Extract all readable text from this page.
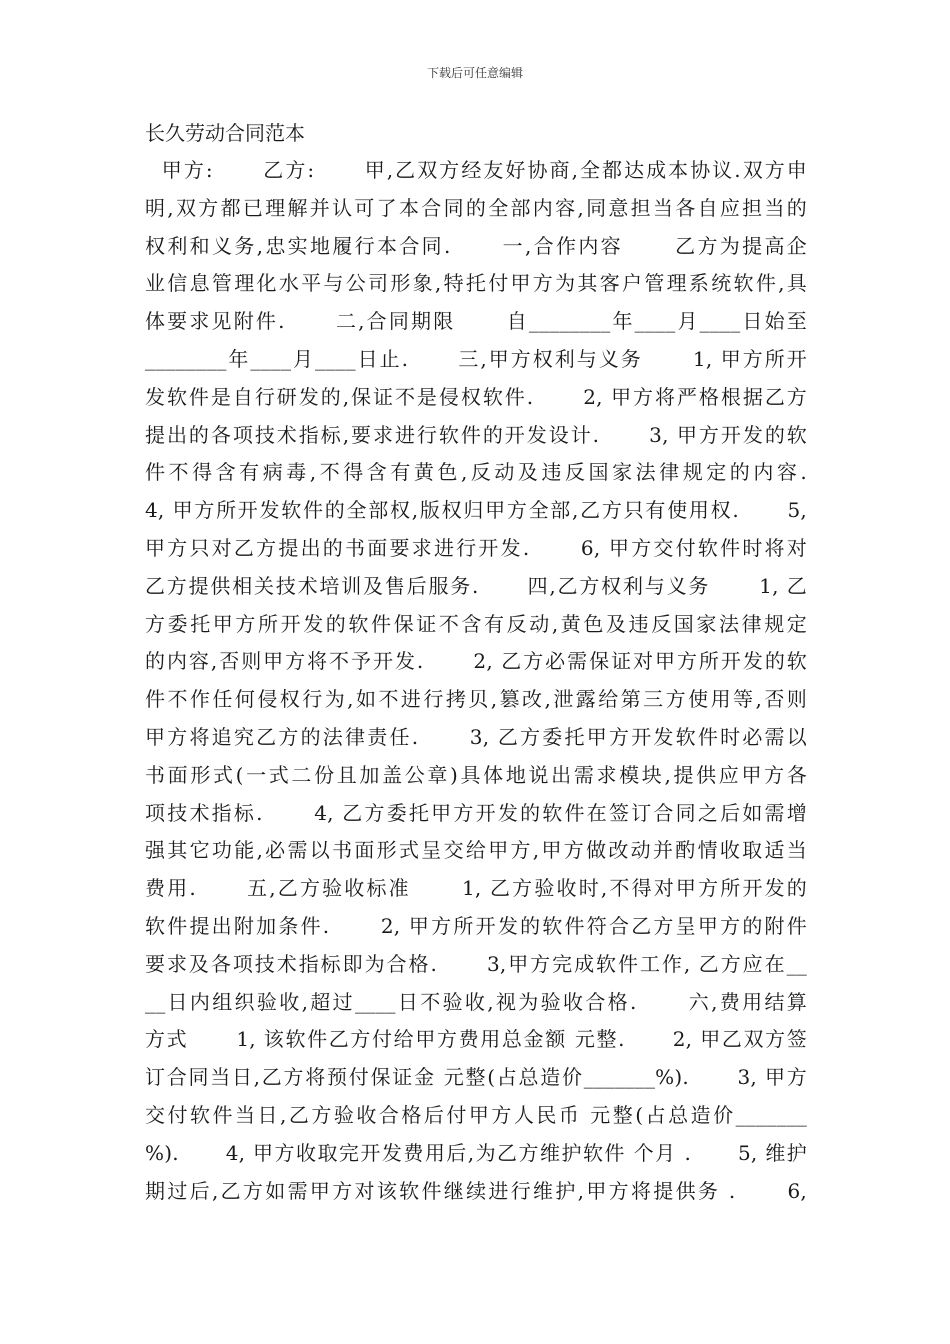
下载后可任意编辑
长久劳动合同范本
甲方:      乙方:      甲,乙双方经友好协商,全都达成本协议.双方申
明,双方都已理解并认可了本合同的全部内容,同意担当各自应担当的
权利和义务,忠实地履行本合同.      一,合作内容      乙方为提高企
业信息管理化水平与公司形象,特托付甲方为其客户管理系统软件,具
体要求见附件.      二,合同期限      自________年____月____日始至
________年____月____日止.      三,甲方权利与义务      1, 甲方所开
发软件是自行研发的,保证不是侵权软件.      2, 甲方将严格根据乙方
提出的各项技术指标,要求进行软件的开发设计.      3, 甲方开发的软
件不得含有病毒,不得含有黄色,反动及违反国家法律规定的内容.
4, 甲方所开发软件的全部权,版权归甲方全部,乙方只有使用权.      5,
甲方只对乙方提出的书面要求进行开发.      6, 甲方交付软件时将对
乙方提供相关技术培训及售后服务.      四,乙方权利与义务      1, 乙
方委托甲方所开发的软件保证不含有反动,黄色及违反国家法律规定
的内容,否则甲方将不予开发.      2, 乙方必需保证对甲方所开发的软
件不作任何侵权行为,如不进行拷贝,篡改,泄露给第三方使用等,否则
甲方将追究乙方的法律责任.      3, 乙方委托甲方开发软件时必需以
书面形式(一式二份且加盖公章)具体地说出需求模块,提供应甲方各
项技术指标.      4, 乙方委托甲方开发的软件在签订合同之后如需增
强其它功能,必需以书面形式呈交给甲方,甲方做改动并酌情收取适当
费用.      五,乙方验收标准      1, 乙方验收时,不得对甲方所开发的
软件提出附加条件.      2, 甲方所开发的软件符合乙方呈甲方的附件
要求及各项技术指标即为合格.      3,甲方完成软件工作, 乙方应在__
__日内组织验收,超过____日不验收,视为验收合格.      六,费用结算
方式      1, 该软件乙方付给甲方费用总金额 元整.      2, 甲乙双方签
订合同当日,乙方将预付保证金 元整(占总造价_______%).      3, 甲方
交付软件当日,乙方验收合格后付甲方人民币 元整(占总造价_______
%).      4, 甲方收取完开发费用后,为乙方维护软件 个月 .      5, 维护
期过后,乙方如需甲方对该软件继续进行维护,甲方将提供务 .      6,
